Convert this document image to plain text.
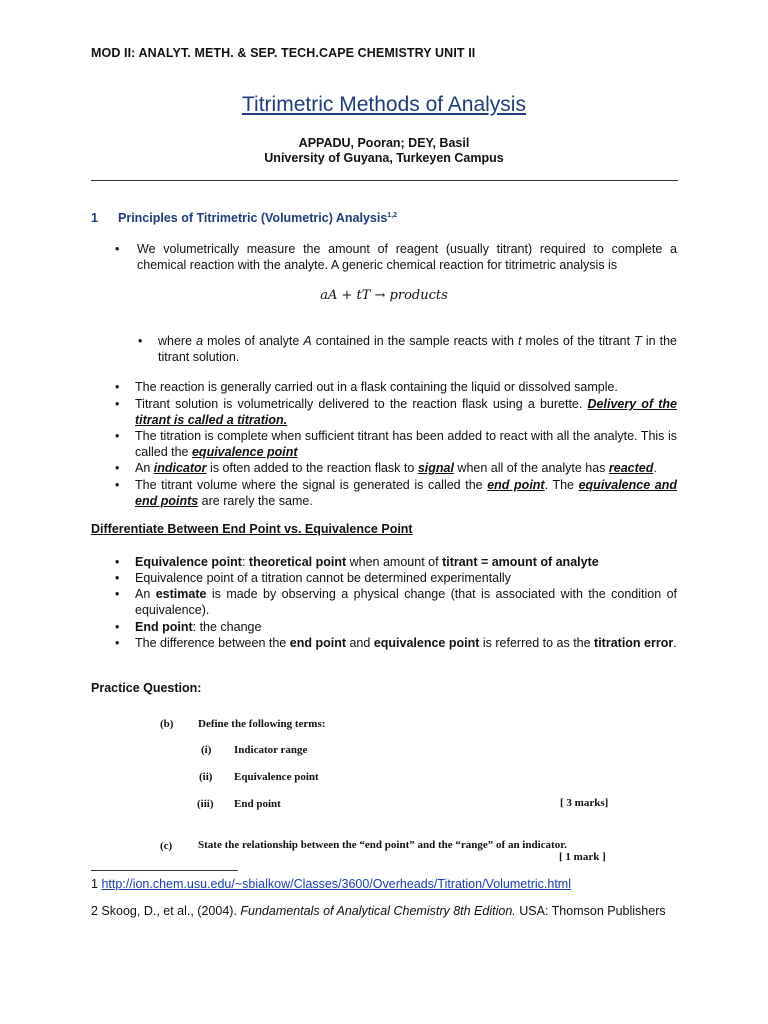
MOD II: ANALYT. METH. & SEP. TECH.CAPE CHEMISTRY UNIT II
Titrimetric Methods of Analysis
APPADU, Pooran; DEY, Basil
University of Guyana, Turkeyen Campus
1 Principles of Titrimetric (Volumetric) Analysis$^{1,2}$
• We volumetrically measure the amount of reagent (usually titrant) required to complete a chemical reaction with the analyte. A generic chemical reaction for titrimetric analysis is
aA + tT → products
• where a moles of analyte A contained in the sample reacts with t moles of the titrant T in the titrant solution.
• The reaction is generally carried out in a flask containing the liquid or dissolved sample.
• Titrant solution is volumetrically delivered to the reaction flask using a burette. Delivery of the titrant is called a titration.
• The titration is complete when sufficient titrant has been added to react with all the analyte. This is called the equivalence point
• An indicator is often added to the reaction flask to signal when all of the analyte has reacted.
• The titrant volume where the signal is generated is called the end point. The equivalence and end points are rarely the same.
Differentiate Between End Point vs. Equivalence Point
• Equivalence point: theoretical point when amount of titrant = amount of analyte
• Equivalence point of a titration cannot be determined experimentally
• An estimate is made by observing a physical change (that is associated with the condition of equivalence).
• End point: the change
• The difference between the end point and equivalence point is referred to as the titration error.
Practice Question:
(b) Define the following terms:
(i) Indicator range
(ii) Equivalence point
(iii) End point	[ 3 marks]
(c) State the relationship between the “end point” and the “range” of an indicator.
[ 1 mark ]
1 http://ion.chem.usu.edu/~sbialkow/Classes/3600/Overheads/Titration/Volumetric.html
2 Skoog, D., et al., (2004). Fundamentals of Analytical Chemistry 8th Edition. USA: Thomson Publishers
